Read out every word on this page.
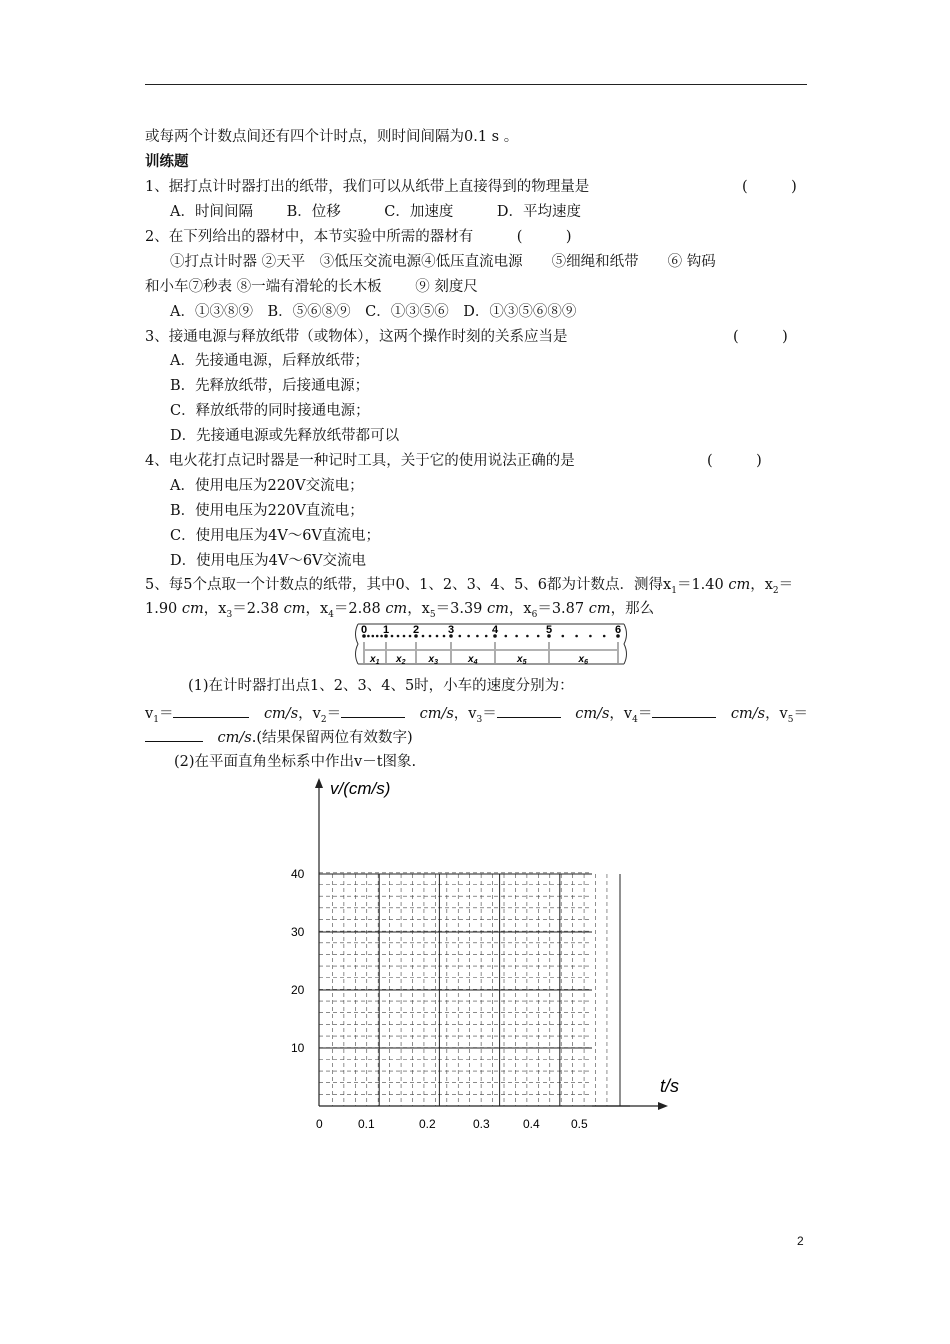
或每两个计数点间还有四个计时点，则时间间隔为0.1 s 。
训练题
1、据打点计时器打出的纸带，我们可以从纸带上直接得到的物理量是	(　　　)
A．时间间隔　　 B．位移　　　C．加速度　　　D．平均速度
2、在下列给出的器材中，本节实验中所需的器材有　　　(　　　)
①打点计时器 ②天平　③低压交流电源④低压直流电源　　⑤细绳和纸带　　⑥ 钩码
和小车⑦秒表 ⑧一端有滑轮的长木板　　 ⑨ 刻度尺
A．①③⑧⑨　B．⑤⑥⑧⑨　C．①③⑤⑥　D．①③⑤⑥⑧⑨
3、接通电源与释放纸带（或物体），这两个操作时刻的关系应当是	(　　　)
A．先接通电源，后释放纸带；
B．先释放纸带，后接通电源；
C．释放纸带的同时接通电源；
D．先接通电源或先释放纸带都可以
4、电火花打点记时器是一种记时工具，关于它的使用说法正确的是	(　　　)
A．使用电压为220V交流电；
B．使用电压为220V直流电；
C．使用电压为4V～6V直流电；
D．使用电压为4V～6V交流电
5、每5个点取一个计数点的纸带，其中0、1、2、3、4、5、6都为计数点．测得$x_1=1.40$ cm，$x_2=$
1.90 cm，$x_3=2.38$ cm，$x_4=2.88$ cm，$x_5=3.39$ cm，$x_6=3.87$ cm，那么
0 1 2	3	4	5	6
$x_1$ $x_2$ $x_3$	$x_4$	$x_5$	$x_6$
(1)在计时器打出点1、2、3、4、5时，小车的速度分别为：
$v_1=$　	cm/s，$v_2=$　	cm/s，$v_3=$　	cm/s，$v_4=$　	cm/s，$v_5=$
　cm/s.(结果保留两位有效数字)
(2)在平面直角坐标系中作出v－t图象.
v/(cm/s)
t/s
10
20
30
40
0	0.1	0.2	0.3	0.4	0.5
2
